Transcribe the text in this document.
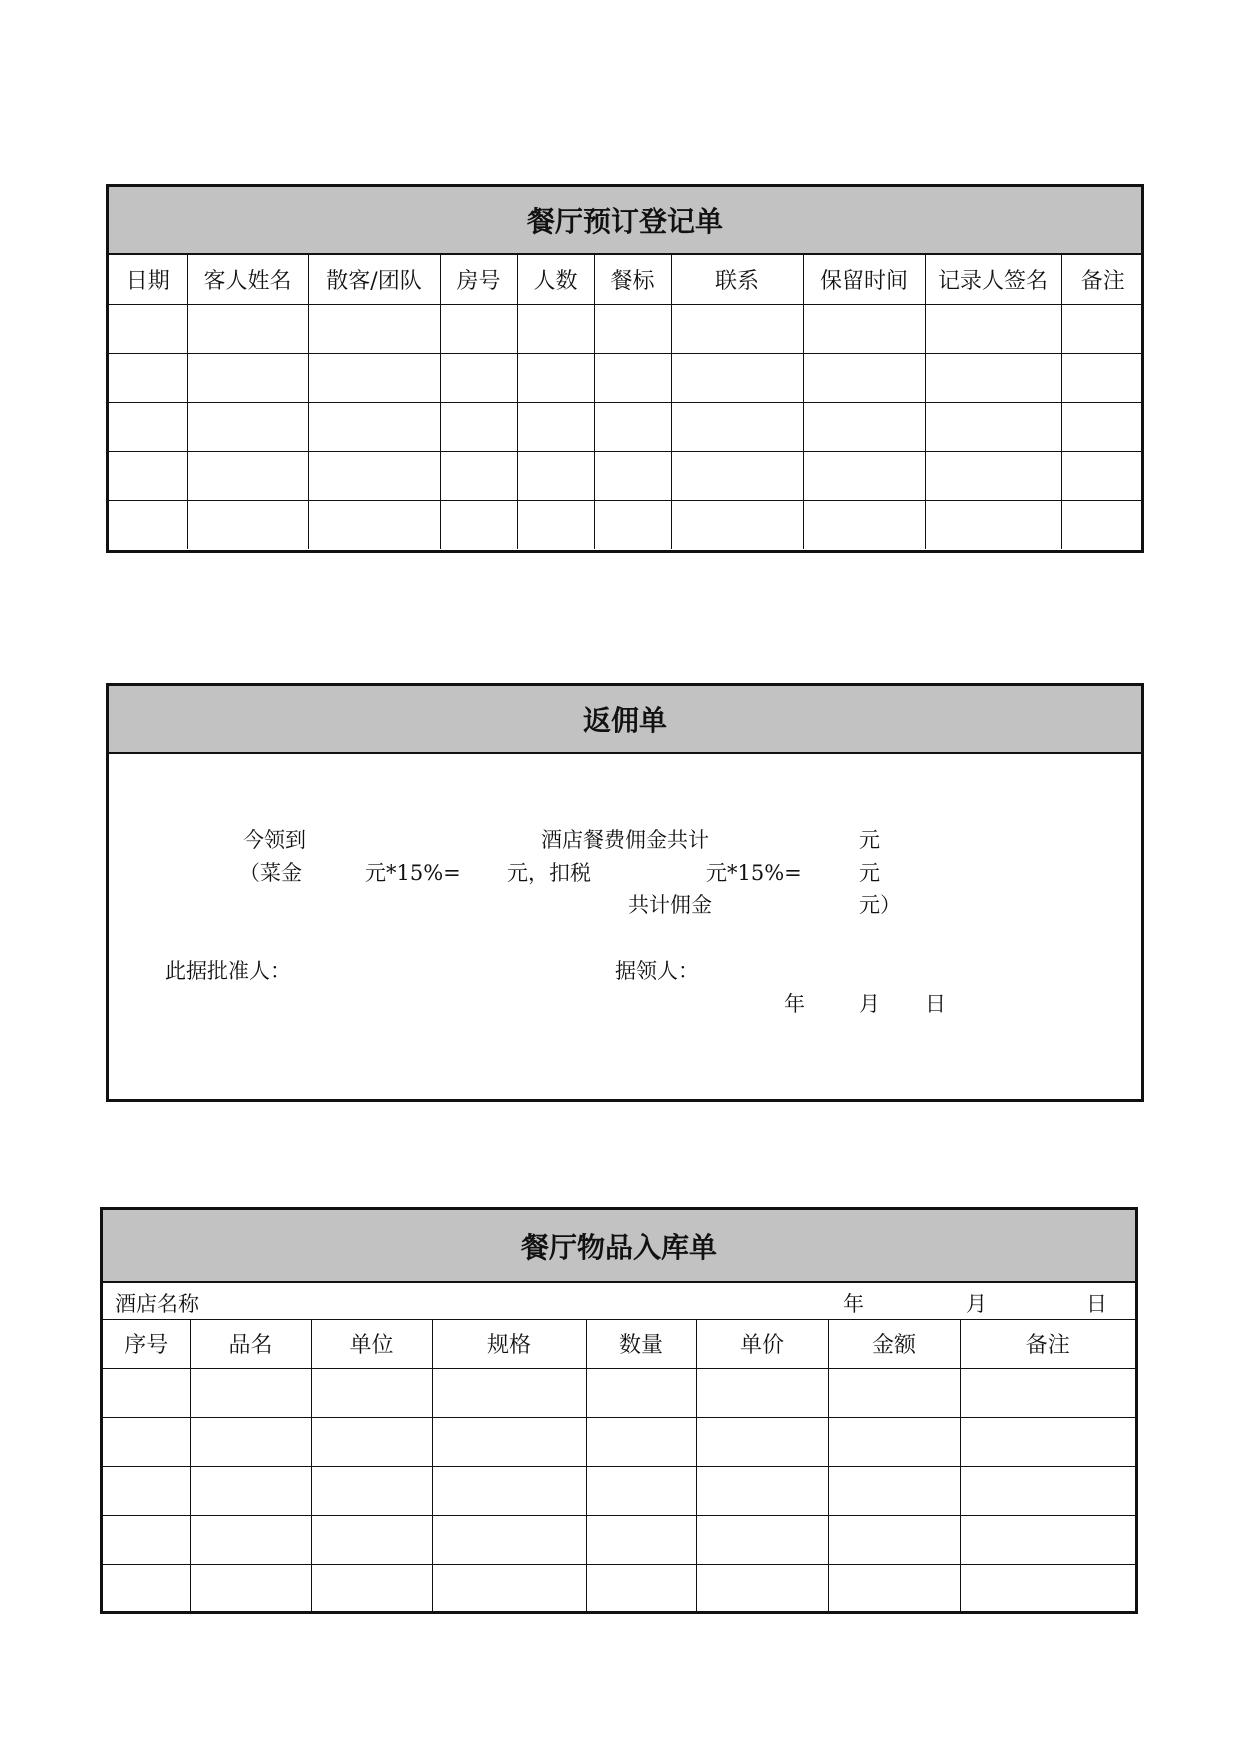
餐厅预订登记单
日期	客人姓名	散客/团队	房号	人数	餐标	联系	保留时间	记录人签名	备注

返佣单
今领到	酒店餐费佣金共计	元
（菜金	元*15%= 元，扣税	元*15%=	元
共计佣金	元）
此据批准人：	据领人：
年	月 日
餐厅物品入库单
酒店名称	年	月	日
序号	品名	单位	规格	数量	单价	金额	备注
